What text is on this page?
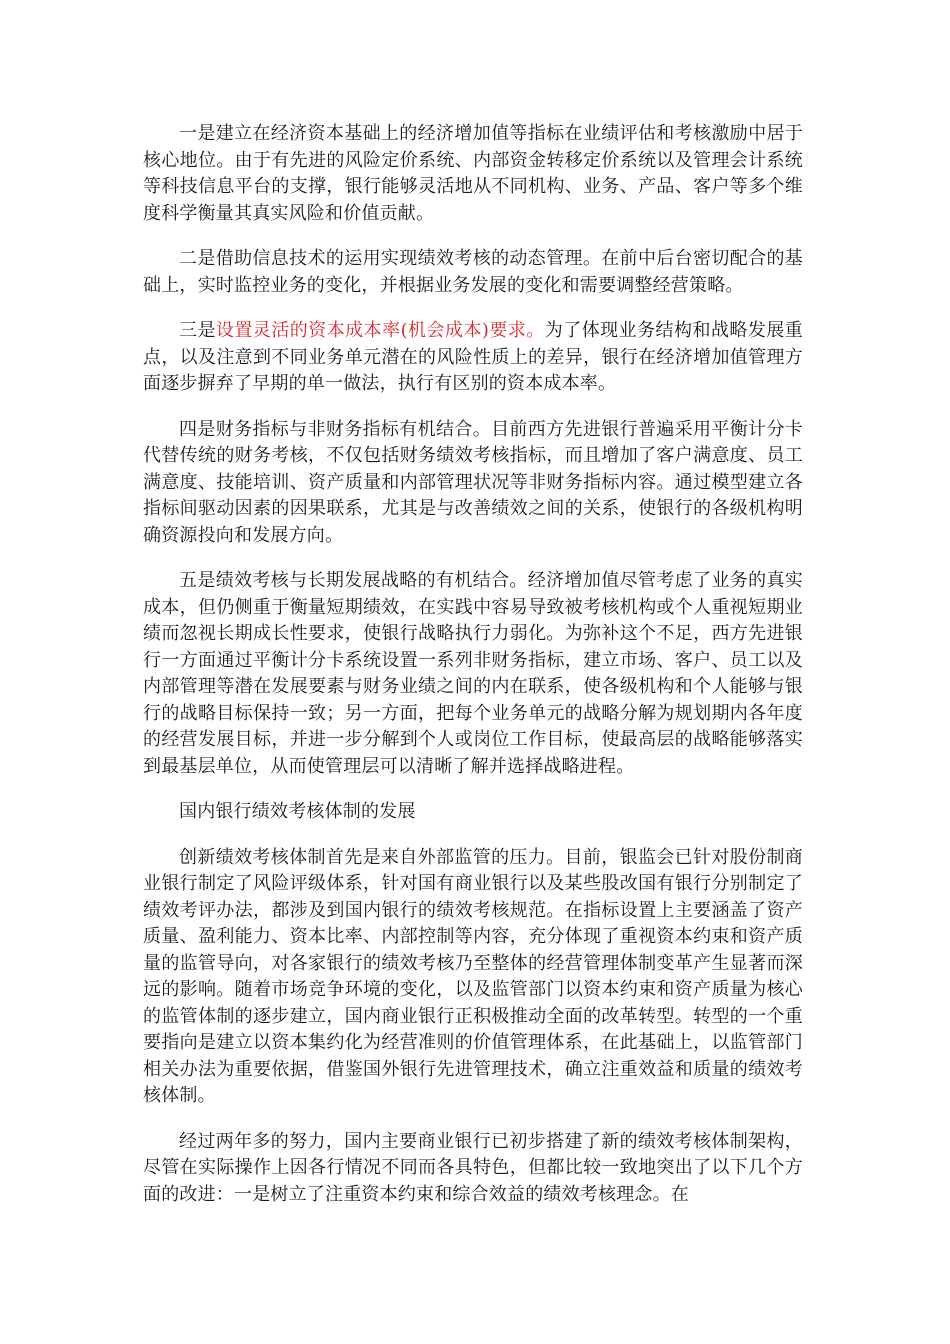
一是建立在经济资本基础上的经济增加值等指标在业绩评估和考核激励中居于核心地位。由于有先进的风险定价系统、内部资金转移定价系统以及管理会计系统等科技信息平台的支撑，银行能够灵活地从不同机构、业务、产品、客户等多个维度科学衡量其真实风险和价值贡献。

二是借助信息技术的运用实现绩效考核的动态管理。在前中后台密切配合的基础上，实时监控业务的变化，并根据业务发展的变化和需要调整经营策略。

三是设置灵活的资本成本率(机会成本)要求。为了体现业务结构和战略发展重点，以及注意到不同业务单元潜在的风险性质上的差异，银行在经济增加值管理方面逐步摒弃了早期的单一做法，执行有区别的资本成本率。

四是财务指标与非财务指标有机结合。目前西方先进银行普遍采用平衡计分卡代替传统的财务考核，不仅包括财务绩效考核指标，而且增加了客户满意度、员工满意度、技能培训、资产质量和内部管理状况等非财务指标内容。通过模型建立各指标间驱动因素的因果联系，尤其是与改善绩效之间的关系，使银行的各级机构明确资源投向和发展方向。

五是绩效考核与长期发展战略的有机结合。经济增加值尽管考虑了业务的真实成本，但仍侧重于衡量短期绩效，在实践中容易导致被考核机构或个人重视短期业绩而忽视长期成长性要求，使银行战略执行力弱化。为弥补这个不足，西方先进银行一方面通过平衡计分卡系统设置一系列非财务指标，建立市场、客户、员工以及内部管理等潜在发展要素与财务业绩之间的内在联系，使各级机构和个人能够与银行的战略目标保持一致；另一方面，把每个业务单元的战略分解为规划期内各年度的经营发展目标，并进一步分解到个人或岗位工作目标，使最高层的战略能够落实到最基层单位，从而使管理层可以清晰了解并选择战略进程。

国内银行绩效考核体制的发展

创新绩效考核体制首先是来自外部监管的压力。目前，银监会已针对股份制商业银行制定了风险评级体系，针对国有商业银行以及某些股改国有银行分别制定了绩效考评办法，都涉及到国内银行的绩效考核规范。在指标设置上主要涵盖了资产质量、盈利能力、资本比率、内部控制等内容，充分体现了重视资本约束和资产质量的监管导向，对各家银行的绩效考核乃至整体的经营管理体制变革产生显著而深远的影响。随着市场竞争环境的变化，以及监管部门以资本约束和资产质量为核心的监管体制的逐步建立，国内商业银行正积极推动全面的改革转型。转型的一个重要指向是建立以资本集约化为经营准则的价值管理体系，在此基础上，以监管部门相关办法为重要依据，借鉴国外银行先进管理技术，确立注重效益和质量的绩效考核体制。

经过两年多的努力，国内主要商业银行已初步搭建了新的绩效考核体制架构，尽管在实际操作上因各行情况不同而各具特色，但都比较一致地突出了以下几个方面的改进：一是树立了注重资本约束和综合效益的绩效考核理念。在
